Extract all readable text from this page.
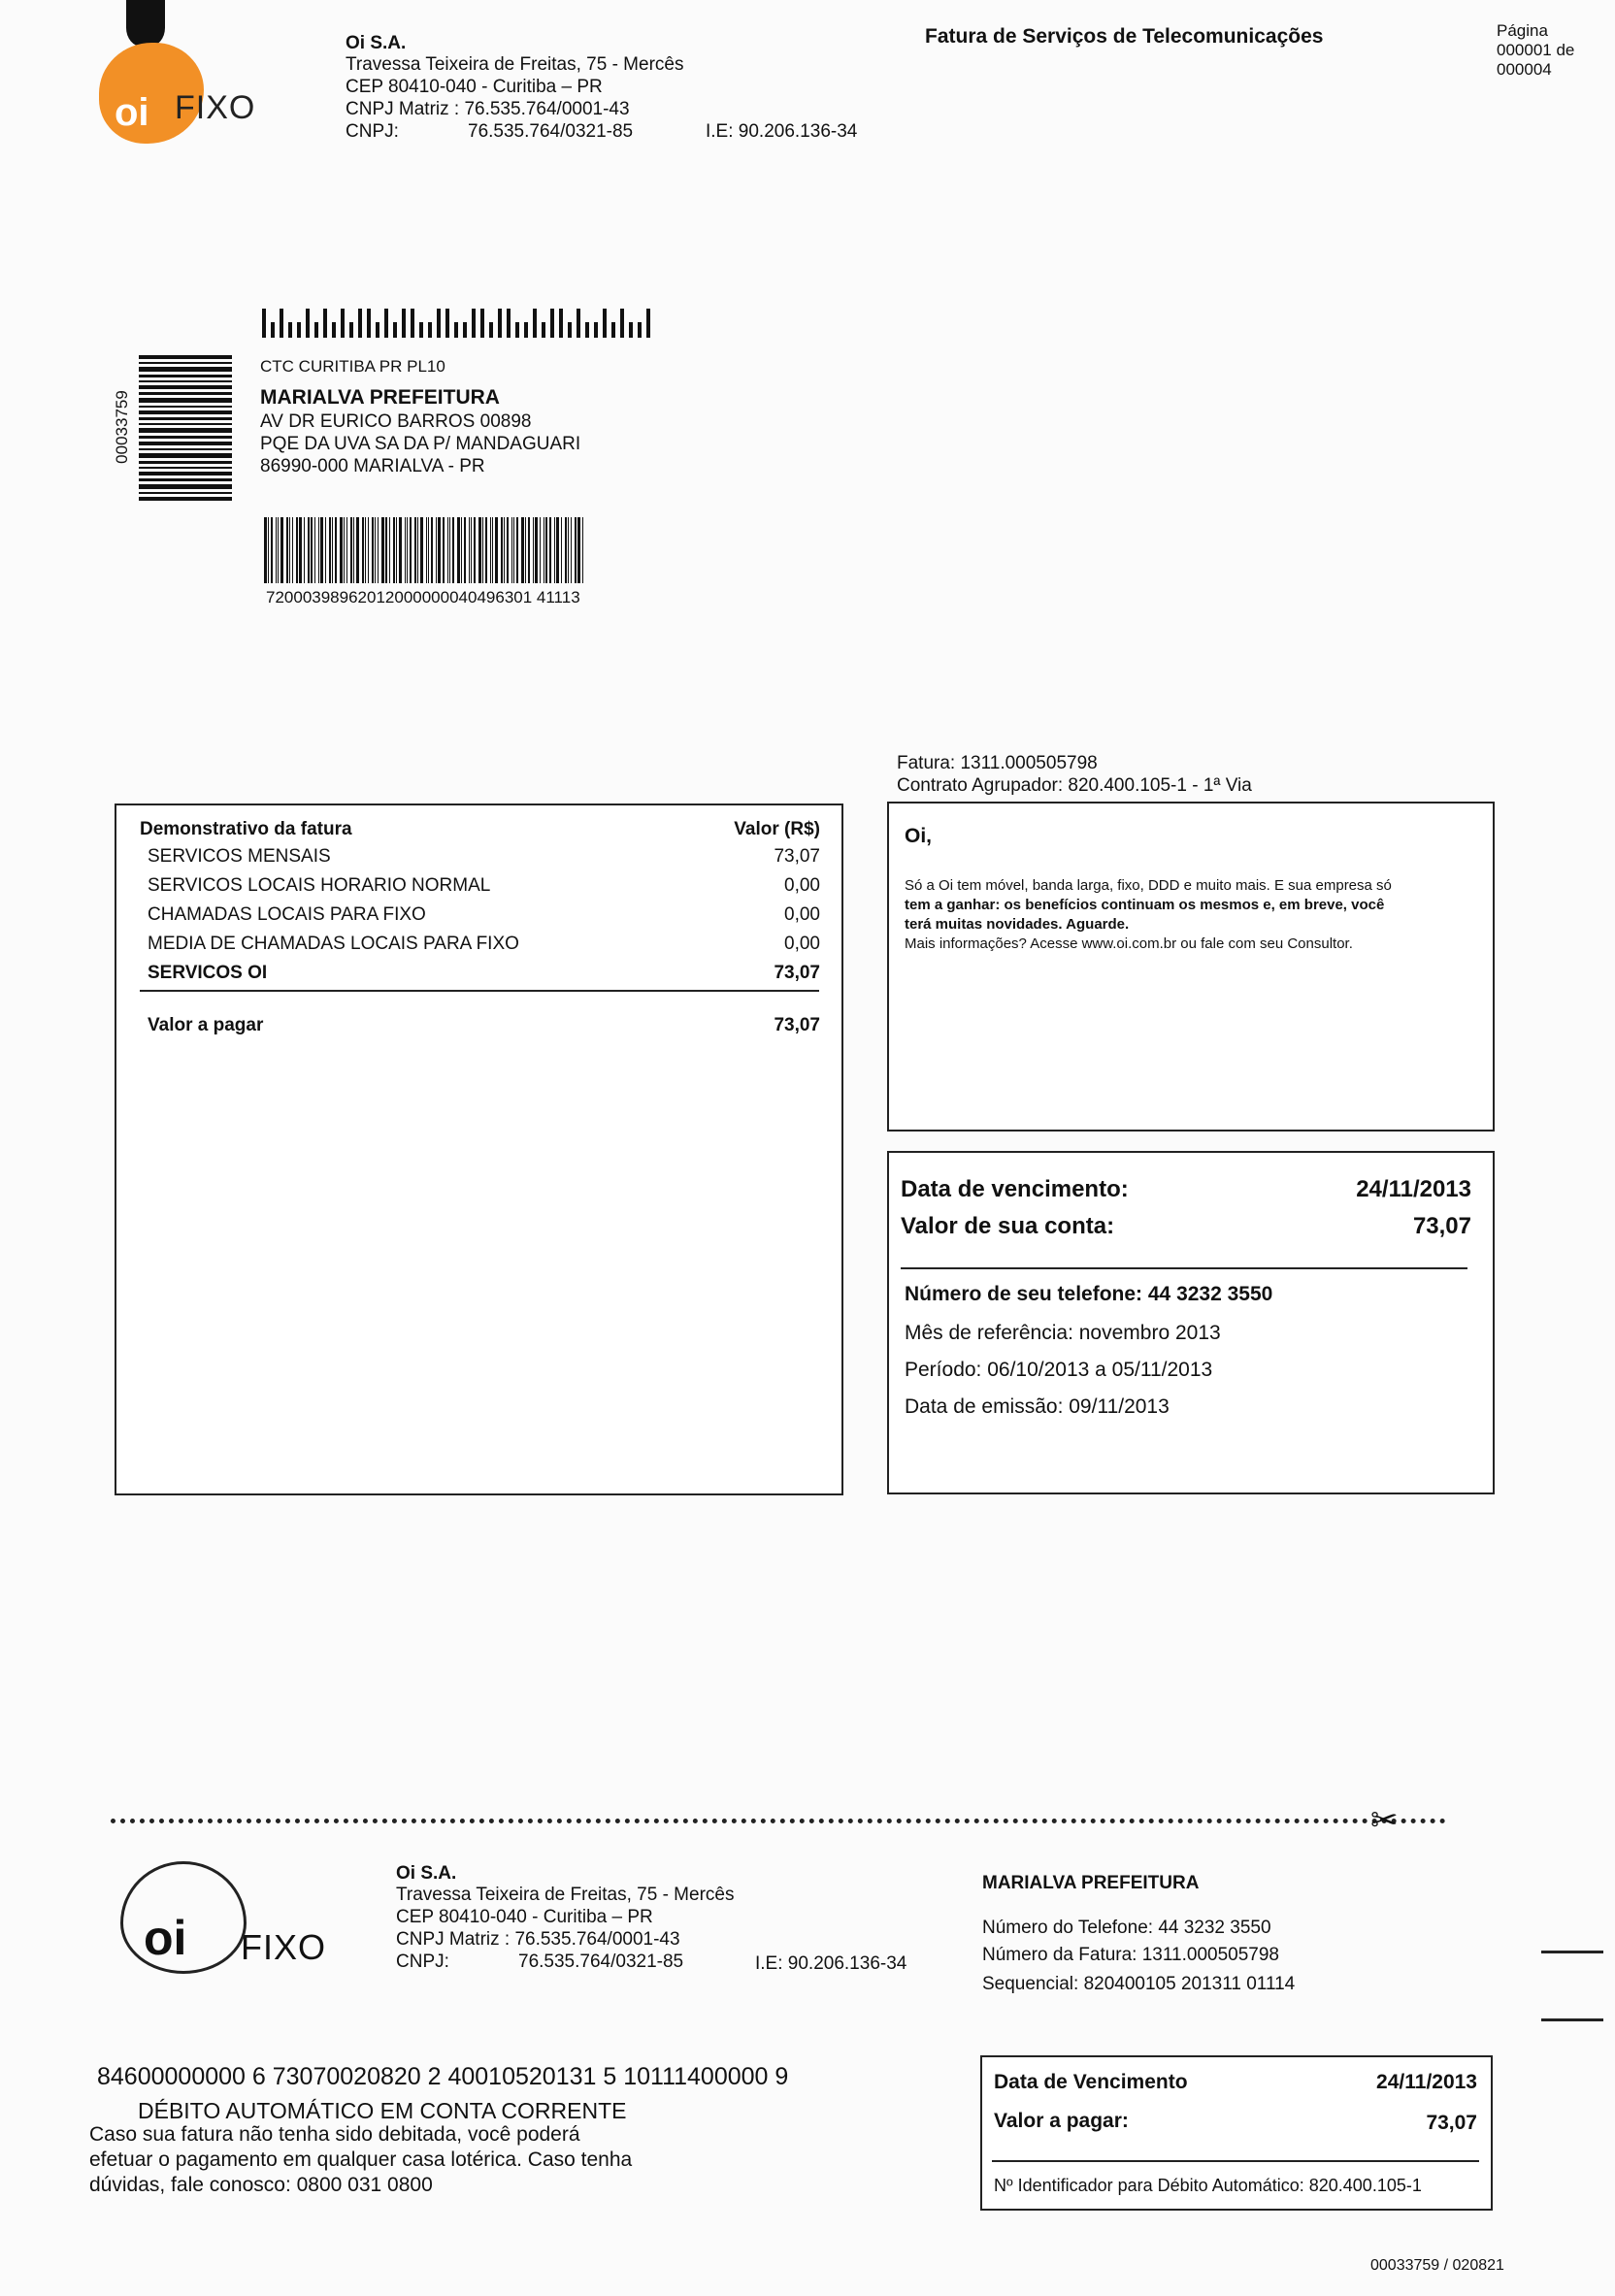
oi FIXO
Oi S.A.
Travessa Teixeira de Freitas, 75 - Mercês
CEP 80410-040 - Curitiba – PR
CNPJ Matriz : 76.535.764/0001-43
CNPJ:	76.535.764/0321-85	I.E: 90.206.136-34
Fatura de Serviços de Telecomunicações	Página
000001 de
000004
00033759
CTC CURITIBA PR PL10
MARIALVA PREFEITURA
AV DR EURICO BARROS 00898
PQE DA UVA SA DA P/ MANDAGUARI
86990-000 MARIALVA - PR
72000398962012000000040496301 41113
Fatura: 1311.000505798
Contrato Agrupador: 820.400.105-1 - 1ª Via
Demonstrativo da fatura	Valor (R$)
SERVICOS MENSAIS	73,07
SERVICOS LOCAIS HORARIO NORMAL	0,00
CHAMADAS LOCAIS PARA FIXO	0,00
MEDIA DE CHAMADAS LOCAIS PARA FIXO	0,00
SERVICOS OI	73,07
Valor a pagar	73,07
Oi,
Só a Oi tem móvel, banda larga, fixo, DDD e muito mais. E sua empresa só
tem a ganhar: os benefícios continuam os mesmos e, em breve, você
terá muitas novidades. Aguarde.
Mais informações? Acesse www.oi.com.br ou fale com seu Consultor.
Data de vencimento:	24/11/2013
Valor de sua conta:	73,07
Número de seu telefone: 44 3232 3550
Mês de referência: novembro 2013
Período: 06/10/2013 a 05/11/2013
Data de emissão: 09/11/2013
✂
oi FIXO
Oi S.A.
Travessa Teixeira de Freitas, 75 - Mercês
CEP 80410-040 - Curitiba – PR
CNPJ Matriz : 76.535.764/0001-43
CNPJ:	76.535.764/0321-85	I.E: 90.206.136-34
MARIALVA PREFEITURA
Número do Telefone: 44 3232 3550
Número da Fatura: 1311.000505798
Sequencial: 820400105 201311 01114
84600000000 6 73070020820 2 40010520131 5 10111400000 9
DÉBITO AUTOMÁTICO EM CONTA CORRENTE
Caso sua fatura não tenha sido debitada, você poderá
efetuar o pagamento em qualquer casa lotérica. Caso tenha
dúvidas, fale conosco: 0800 031 0800
Data de Vencimento	24/11/2013
Valor a pagar:	73,07
Nº Identificador para Débito Automático: 820.400.105-1
00033759 / 020821
